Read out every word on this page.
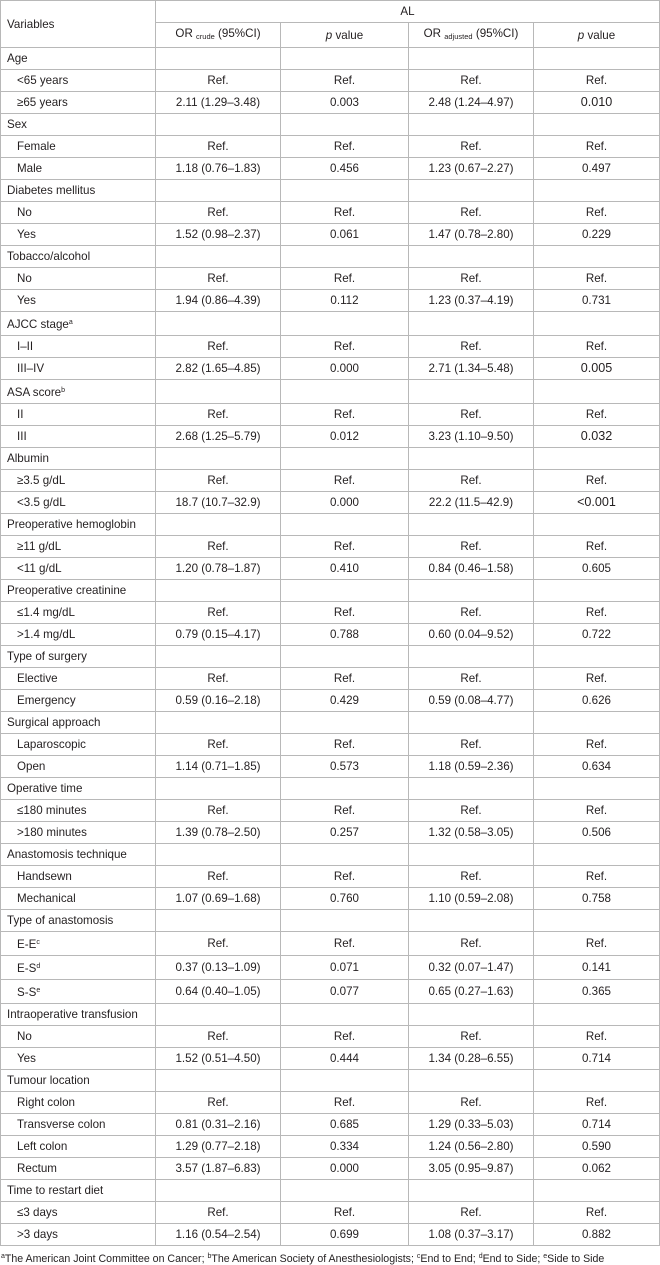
Variables	AL			
	OR $_{crude}$ (95%CI)	p value	OR $_{adjusted}$ (95%CI)	p value
Age				
<65 years	Ref.	Ref.	Ref.	Ref.
≥65 years	2.11 (1.29–3.48)	0.003	2.48 (1.24–4.97)	0.010
Sex				
Female	Ref.	Ref.	Ref.	Ref.
Male	1.18 (0.76–1.83)	0.456	1.23 (0.67–2.27)	0.497
Diabetes mellitus				
No	Ref.	Ref.	Ref.	Ref.
Yes	1.52 (0.98–2.37)	0.061	1.47 (0.78–2.80)	0.229
Tobacco/alcohol				
No	Ref.	Ref.	Ref.	Ref.
Yes	1.94 (0.86–4.39)	0.112	1.23 (0.37–4.19)	0.731
AJCC stage$^a$				
I–II	Ref.	Ref.	Ref.	Ref.
III–IV	2.82 (1.65–4.85)	0.000	2.71 (1.34–5.48)	0.005
ASA score$^b$				
II	Ref.	Ref.	Ref.	Ref.
III	2.68 (1.25–5.79)	0.012	3.23 (1.10–9.50)	0.032
Albumin				
≥3.5 g/dL	Ref.	Ref.	Ref.	Ref.
<3.5 g/dL	18.7 (10.7–32.9)	0.000	22.2 (11.5–42.9)	<0.001
Preoperative hemoglobin				
≥11 g/dL	Ref.	Ref.	Ref.	Ref.
<11 g/dL	1.20 (0.78–1.87)	0.410	0.84 (0.46–1.58)	0.605
Preoperative creatinine				
≤1.4 mg/dL	Ref.	Ref.	Ref.	Ref.
>1.4 mg/dL	0.79 (0.15–4.17)	0.788	0.60 (0.04–9.52)	0.722
Type of surgery				
Elective	Ref.	Ref.	Ref.	Ref.
Emergency	0.59 (0.16–2.18)	0.429	0.59 (0.08–4.77)	0.626
Surgical approach				
Laparoscopic	Ref.	Ref.	Ref.	Ref.
Open	1.14 (0.71–1.85)	0.573	1.18 (0.59–2.36)	0.634
Operative time				
≤180 minutes	Ref.	Ref.	Ref.	Ref.
>180 minutes	1.39 (0.78–2.50)	0.257	1.32 (0.58–3.05)	0.506
Anastomosis technique				
Handsewn	Ref.	Ref.	Ref.	Ref.
Mechanical	1.07 (0.69–1.68)	0.760	1.10 (0.59–2.08)	0.758
Type of anastomosis				
$E-E^c$	Ref.	Ref.	Ref.	Ref.
$E-S^d$	0.37 (0.13–1.09)	0.071	0.32 (0.07–1.47)	0.141
$S-S^e$	0.64 (0.40–1.05)	0.077	0.65 (0.27–1.63)	0.365
Intraoperative transfusion				
No	Ref.	Ref.	Ref.	Ref.
Yes	1.52 (0.51–4.50)	0.444	1.34 (0.28–6.55)	0.714
Tumour location				
Right colon	Ref.	Ref.	Ref.	Ref.
Transverse colon	0.81 (0.31–2.16)	0.685	1.29 (0.33–5.03)	0.714
Left colon	1.29 (0.77–2.18)	0.334	1.24 (0.56–2.80)	0.590
Rectum	3.57 (1.87–6.83)	0.000	3.05 (0.95–9.87)	0.062
Time to restart diet				
≤3 days	Ref.	Ref.	Ref.	Ref.
>3 days	1.16 (0.54–2.54)	0.699	1.08 (0.37–3.17)	0.882
$^a$The American Joint Committee on Cancer; $^b$The American Society of Anesthesiologists; $^c$End to End; $^d$End to Side; $^e$Side to Side
